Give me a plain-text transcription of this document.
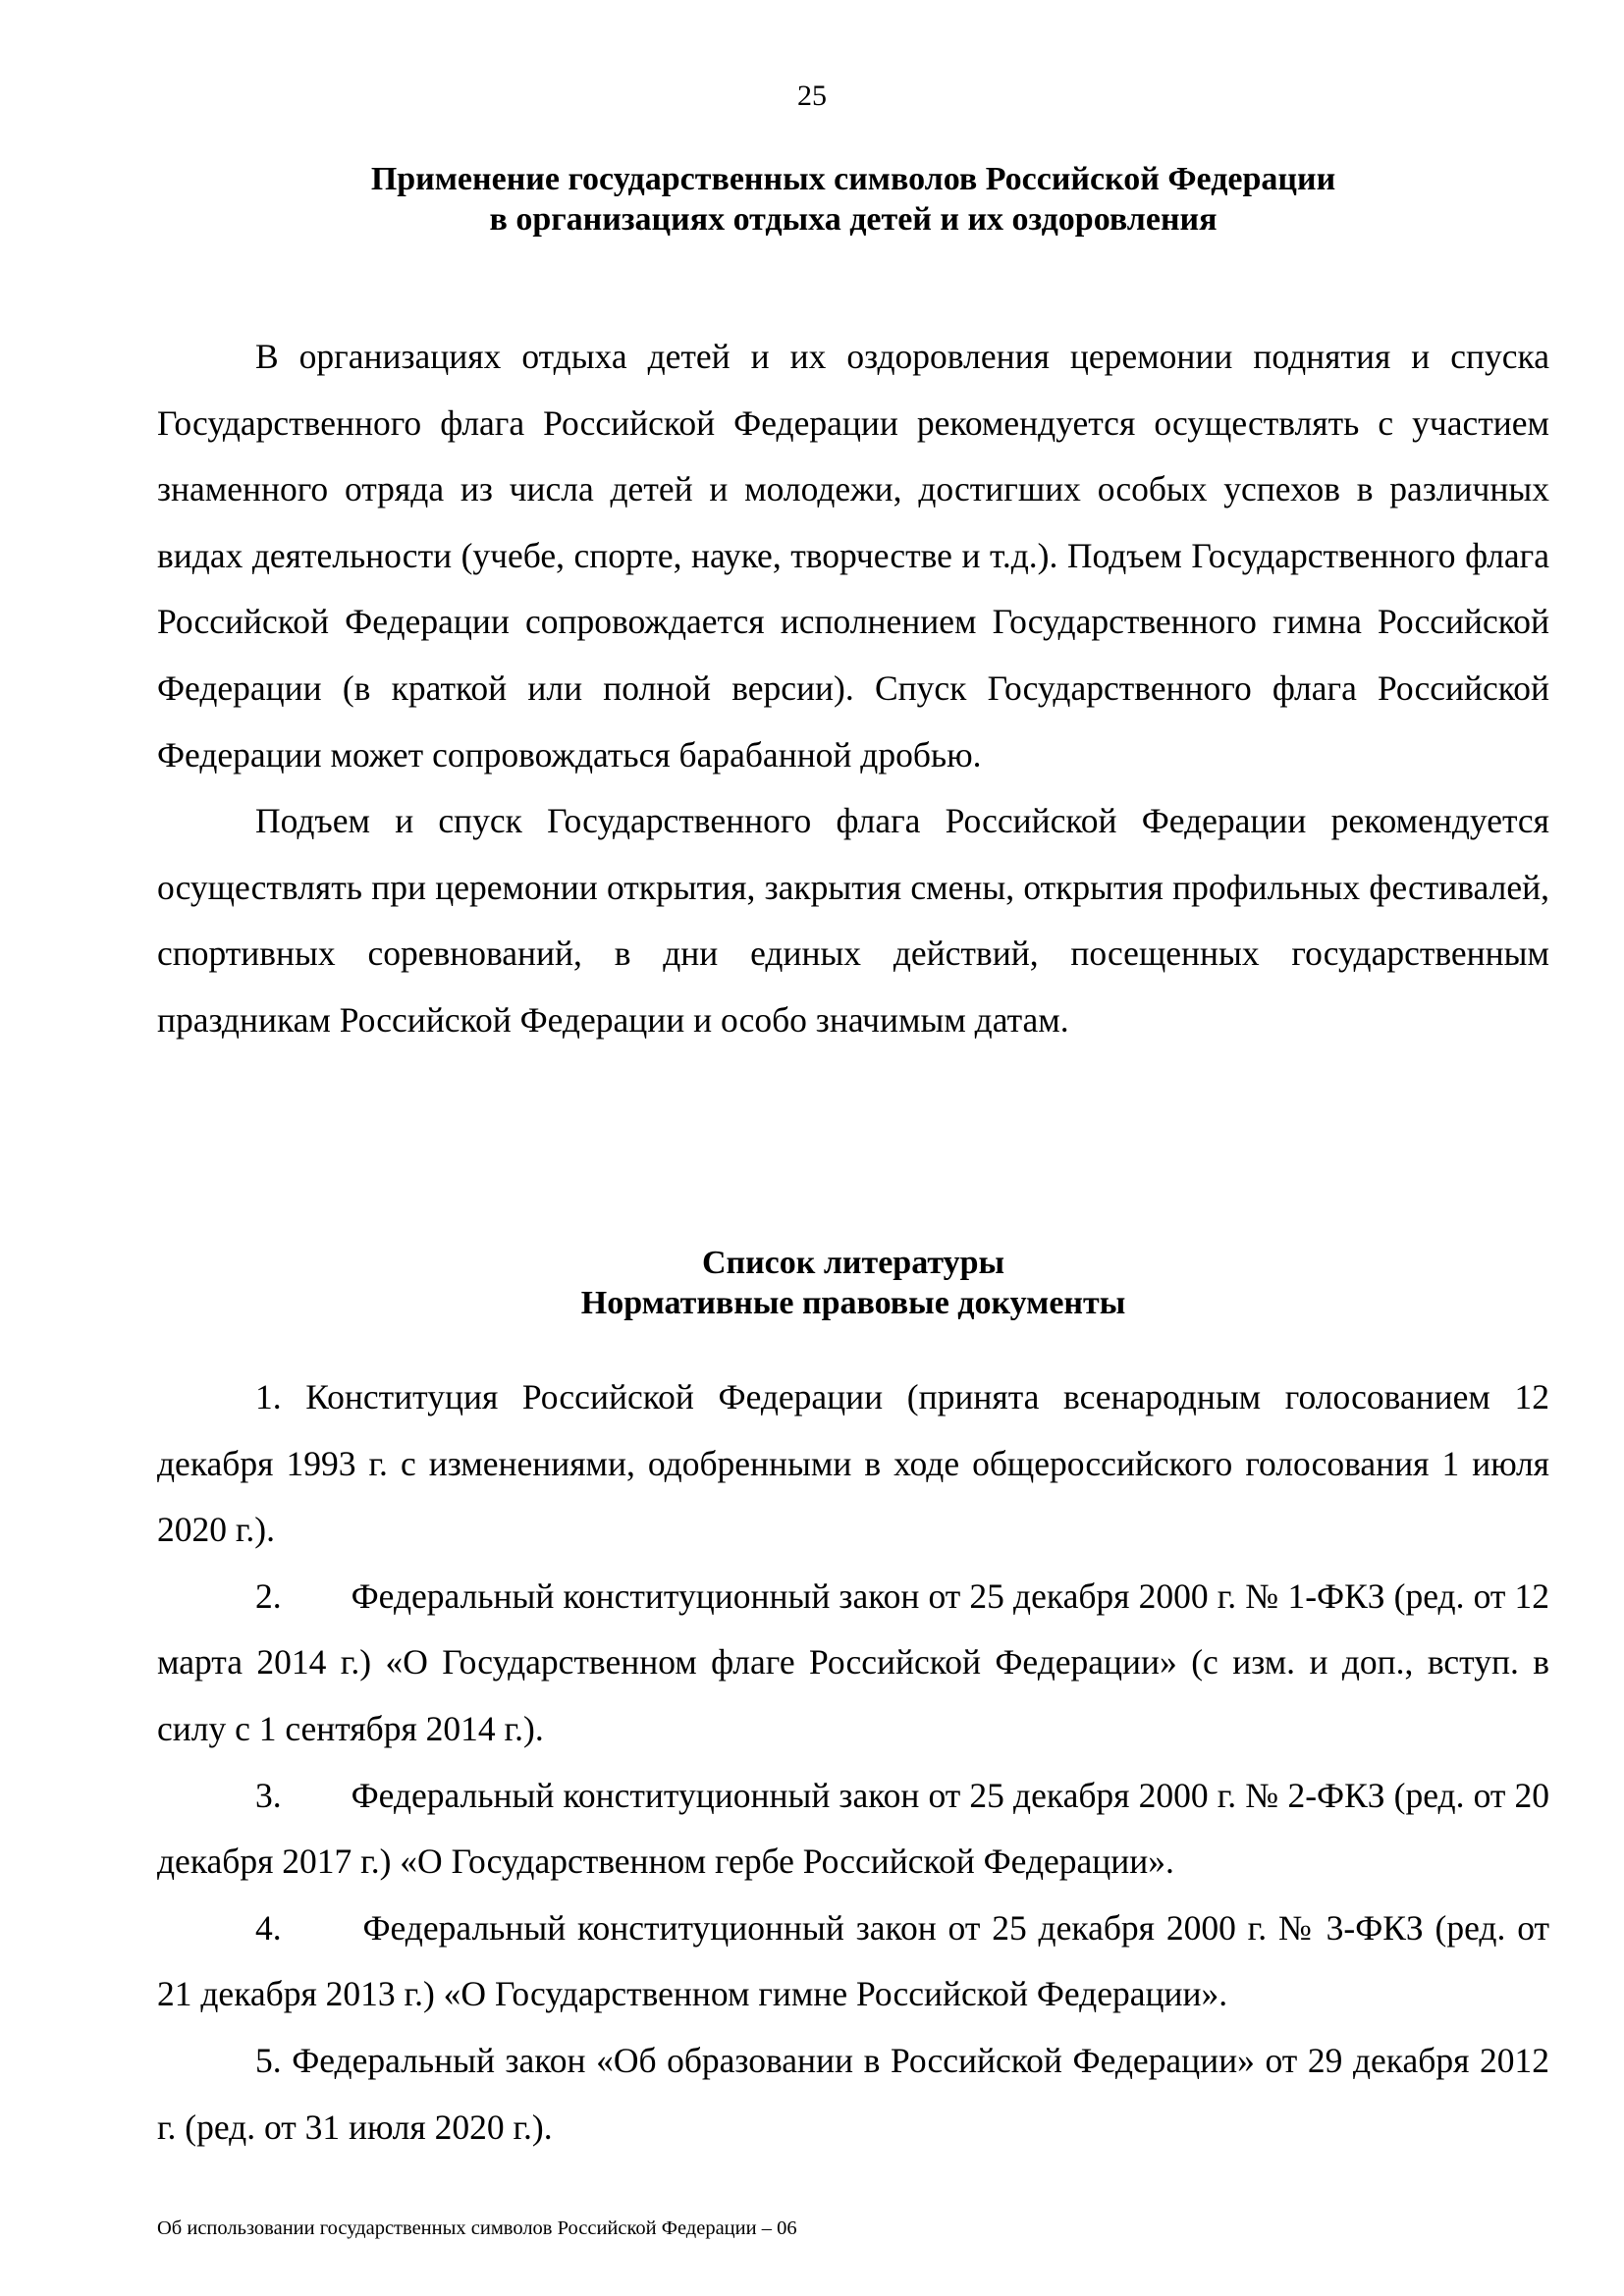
25
Применение государственных символов Российской Федерации
в организациях отдыха детей и их оздоровления

В организациях отдыха детей и их оздоровления церемонии поднятия и спуска Государственного флага Российской Федерации рекомендуется осуществлять с участием знаменного отряда из числа детей и молодежи, достигших особых успехов в различных видах деятельности (учебе, спорте, науке, творчестве и т.д.). Подъем Государственного флага Российской Федерации сопровождается исполнением Государственного гимна Российской Федерации (в краткой или полной версии). Спуск Государственного флага Российской Федерации может сопровождаться барабанной дробью.

Подъем и спуск Государственного флага Российской Федерации рекомендуется осуществлять при церемонии открытия, закрытия смены, открытия профильных фестивалей, спортивных соревнований, в дни единых действий, посещенных государственным праздникам Российской Федерации и особо значимым датам.

Список литературы
Нормативные правовые документы

1. Конституция Российской Федерации (принята всенародным голосованием 12 декабря 1993 г. с изменениями, одобренными в ходе общероссийского голосования 1 июля 2020 г.).

2.  Федеральный конституционный закон от 25 декабря 2000 г. № 1-ФКЗ (ред. от 12 марта 2014 г.) «О Государственном флаге Российской Федерации» (с изм. и доп., вступ. в силу с 1 сентября 2014 г.).

3.  Федеральный конституционный закон от 25 декабря 2000 г. № 2-ФКЗ (ред. от 20 декабря 2017 г.) «О Государственном гербе Российской Федерации».

4.   Федеральный конституционный закон от 25 декабря 2000 г. № 3-ФКЗ (ред. от 21 декабря 2013 г.) «О Государственном гимне Российской Федерации».

5. Федеральный закон «Об образовании в Российской Федерации» от 29 декабря 2012 г. (ред. от 31 июля 2020 г.).

Об использовании государственных символов Российской Федерации – 06
